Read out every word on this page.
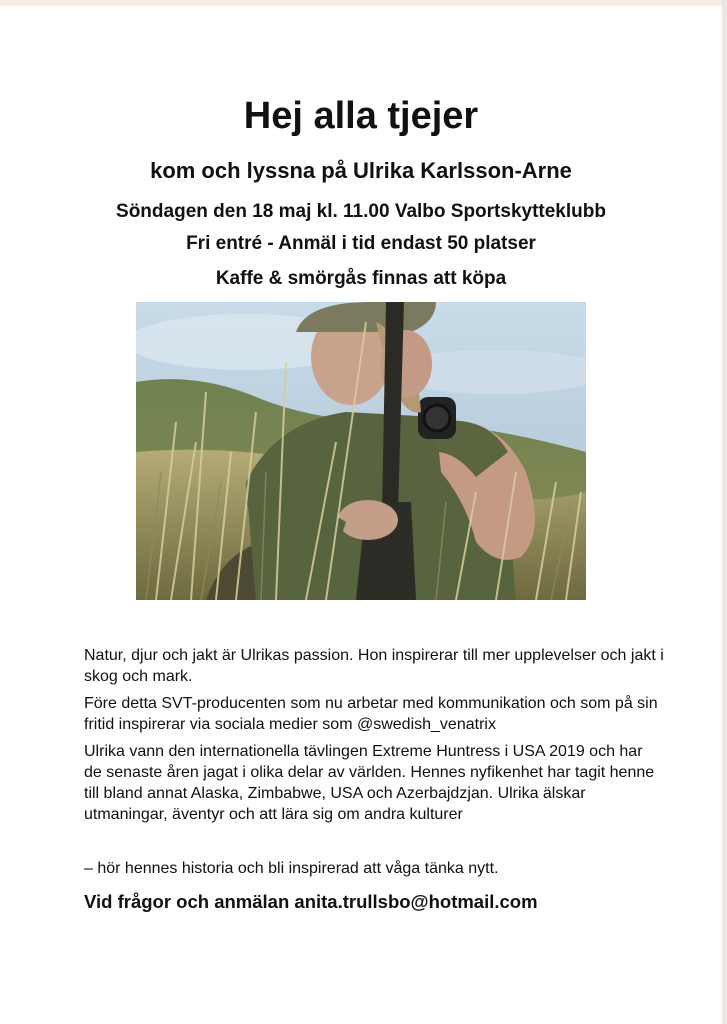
Hej alla tjejer

kom och lyssna på Ulrika Karlsson-Arne

Söndagen den 18 maj kl. 11.00 Valbo Sportskytteklubb

Fri entré - Anmäl i tid endast 50 platser

Kaffe & smörgås finnas att köpa

Natur, djur och jakt är Ulrikas passion. Hon inspirerar till mer upplevelser och jakt i skog och mark.

Före detta SVT-producenten som nu arbetar med kommunikation och som på sin fritid inspirerar via sociala medier som @swedish_venatrix

Ulrika vann den internationella tävlingen Extreme Huntress i USA 2019 och har de senaste åren jagat i olika delar av världen. Hennes nyfikenhet har tagit henne till bland annat Alaska, Zimbabwe, USA och Azerbajdzjan. Ulrika älskar utmaningar, äventyr och att lära sig om andra kulturer

– hör hennes historia och bli inspirerad att våga tänka nytt.

Vid frågor och anmälan anita.trullsbo@hotmail.com
